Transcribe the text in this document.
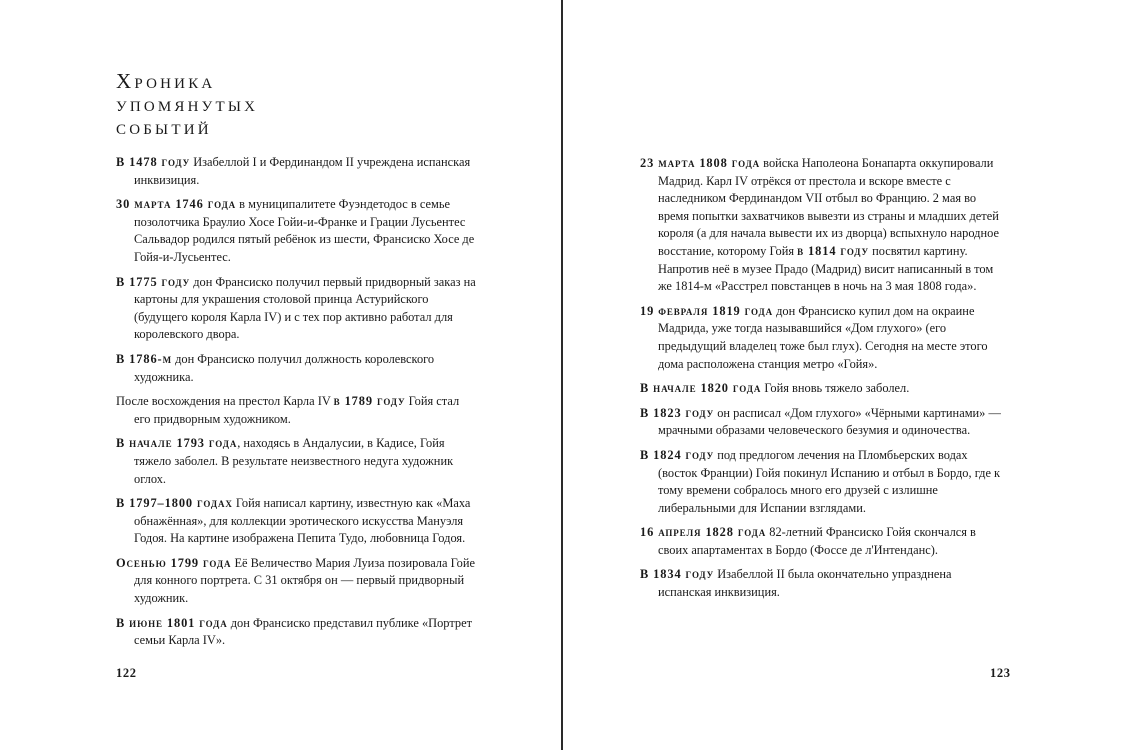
Хроника
упомянутых
событий

В 1478 году Изабеллой I и Фердинандом II учреждена испанская инквизиция.

30 марта 1746 года в муниципалитете Фуэндетодос в семье позолотчика Браулио Хосе Гойи-и-Франке и Грации Лусьентес Сальвадор родился пятый ребёнок из шести, Франсиско Хосе де Гойя-и-Лусьентес.

В 1775 году дон Франсиско получил первый придворный заказ на картоны для украшения столовой принца Астурийского (будущего короля Карла IV) и с тех пор активно работал для королевского двора.

В 1786-м дон Франсиско получил должность королевского художника.

После восхождения на престол Карла IV в 1789 году Гойя стал его придворным художником.

В начале 1793 года, находясь в Андалусии, в Кадисе, Гойя тяжело заболел. В результате неизвестного недуга художник оглох.

В 1797–1800 годах Гойя написал картину, известную как «Маха обнажённая», для коллекции эротического искусства Мануэля Годоя. На картине изображена Пепита Тудо, любовница Годоя.

Осенью 1799 года Её Величество Мария Луиза позировала Гойе для конного портрета. С 31 октября он — первый придворный художник.

В июне 1801 года дон Франсиско представил публике «Портрет семьи Карла IV».

122

23 марта 1808 года войска Наполеона Бонапарта оккупировали Мадрид. Карл IV отрёкся от престола и вскоре вместе с наследником Фердинандом VII отбыл во Францию. 2 мая во время попытки захватчиков вывезти из страны и младших детей короля (а для начала вывести их из дворца) вспыхнуло народное восстание, которому Гойя в 1814 году посвятил картину. Напротив неё в музее Прадо (Мадрид) висит написанный в том же 1814-м «Расстрел повстанцев в ночь на 3 мая 1808 года».

19 февраля 1819 года дон Франсиско купил дом на окраине Мадрида, уже тогда называвшийся «Дом глухого» (его предыдущий владелец тоже был глух). Сегодня на месте этого дома расположена станция метро «Гойя».

В начале 1820 года Гойя вновь тяжело заболел.

В 1823 году он расписал «Дом глухого» «Чёрными картинами» — мрачными образами человеческого безумия и одиночества.

В 1824 году под предлогом лечения на Пломбьерских водах (восток Франции) Гойя покинул Испанию и отбыл в Бордо, где к тому времени собралось много его друзей с излишне либеральными для Испании взглядами.

16 апреля 1828 года 82-летний Франсиско Гойя скончался в своих апартаментах в Бордо (Фоссе де л'Интенданс).

В 1834 году Изабеллой II была окончательно упразднена испанская инквизиция.

123
